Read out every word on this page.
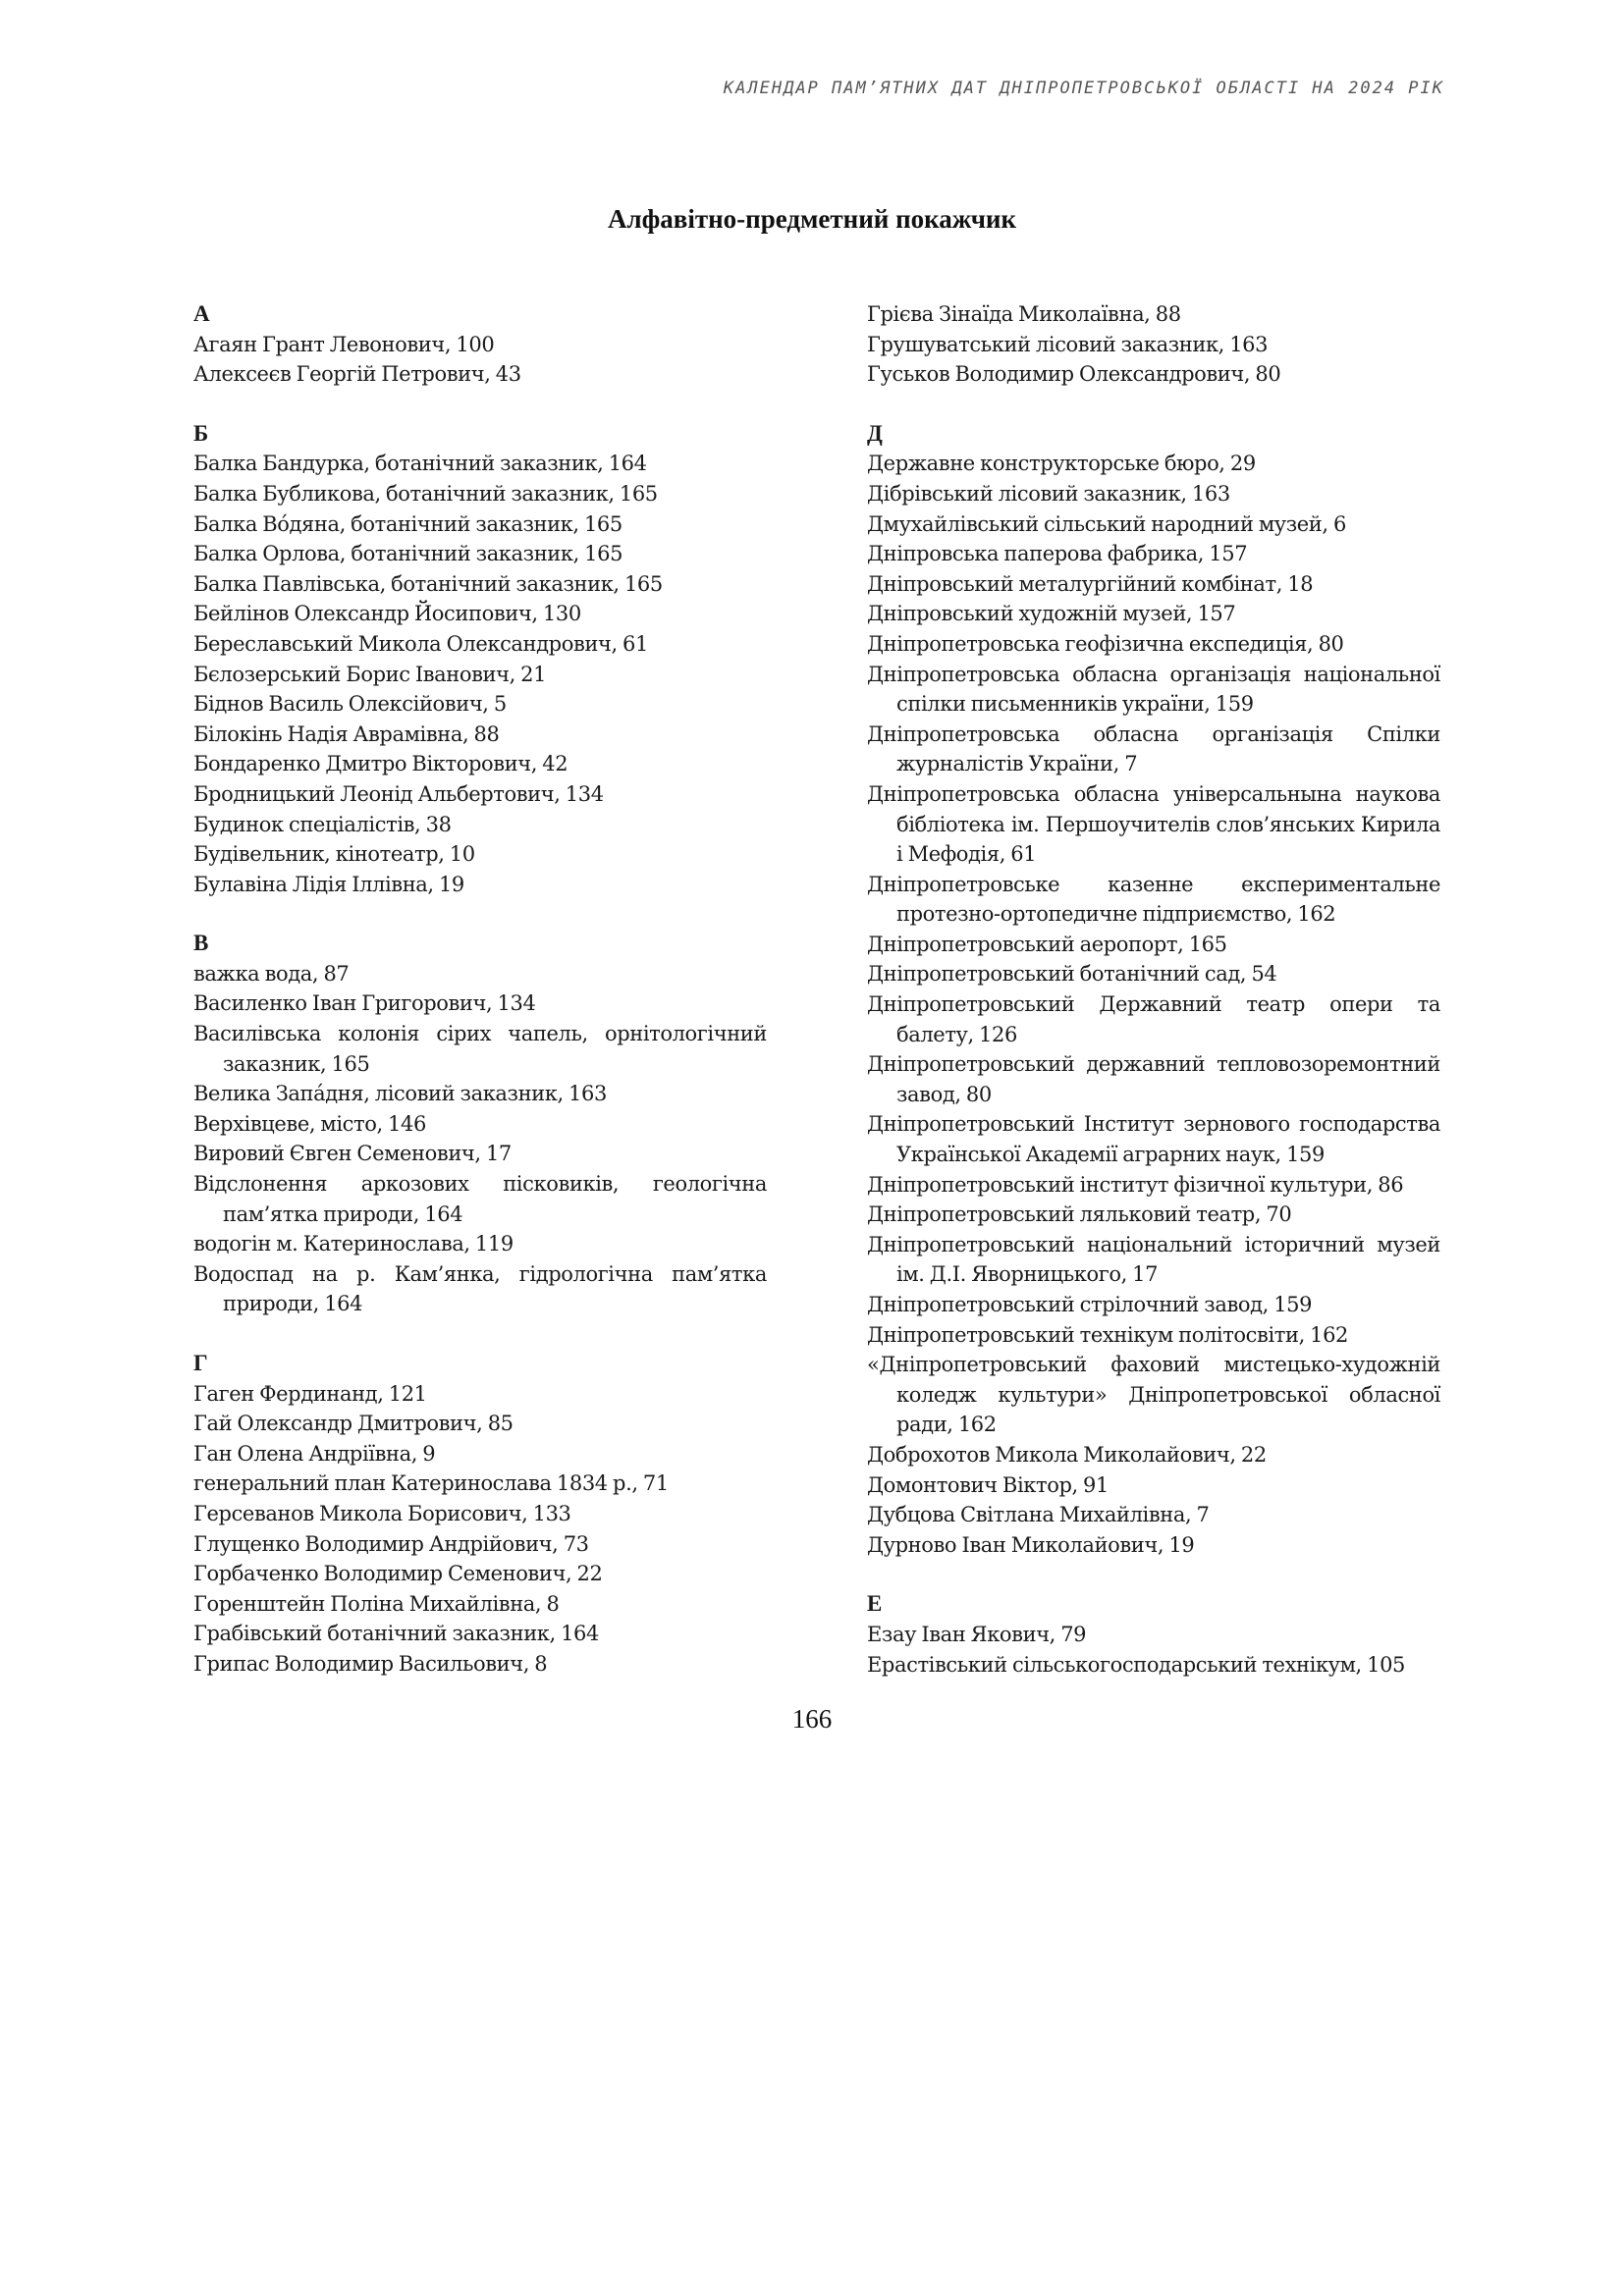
КАЛЕНДАР ПАМ’ЯТНИХ ДАТ ДНІПРОПЕТРОВСЬКОЇ ОБЛАСТІ НА 2024 РІК
Алфавітно-предметний покажчик
А
Агаян Грант Левонович, 100
Алексеєв Георгій Петрович, 43
Б
Балка Бандурка, ботанічний заказник, 164
Балка Бубликова, ботанічний заказник, 165
Балка Вóдяна, ботанічний заказник, 165
Балка Орлова, ботанічний заказник, 165
Балка Павлівська, ботанічний заказник, 165
Бейлінов Олександр Йосипович, 130
Береславський Микола Олександрович, 61
Бєлозерський Борис Іванович, 21
Біднов Василь Олексійович, 5
Білокінь Надія Аврамівна, 88
Бондаренко Дмитро Вікторович, 42
Бродницький Леонід Альбертович, 134
Будинок спеціалістів, 38
Будівельник, кінотеатр, 10
Булавіна Лідія Іллівна, 19
В
важка вода, 87
Василенко Іван Григорович, 134
Василівська колонія сірих чапель, орнітологічний заказник, 165
Велика Запáдня, лісовий заказник, 163
Верхівцеве, місто, 146
Вировий Євген Семенович, 17
Відслонення аркозових пісковиків, геологічна пам’ятка природи, 164
водогін м. Катеринослава, 119
Водоспад на р. Кам’янка, гідрологічна пам’ятка природи, 164
Г
Гаген Фердинанд, 121
Гай Олександр Дмитрович, 85
Ган Олена Андріївна, 9
генеральний план Катеринослава 1834 р., 71
Герсеванов Микола Борисович, 133
Глущенко Володимир Андрійович, 73
Горбаченко Володимир Семенович, 22
Горенштейн Поліна Михайлівна, 8
Грабівський ботанічний заказник, 164
Грипас Володимир Васильович, 8
Грієва Зінаїда Миколаївна, 88
Грушуватський лісовий заказник, 163
Гуськов Володимир Олександрович, 80
Д
Державне конструкторське бюро, 29
Дібрівський лісовий заказник, 163
Дмухайлівський сільський народний музей, 6
Дніпровська паперова фабрика, 157
Дніпровський металургійний комбінат, 18
Дніпровський художній музей, 157
Дніпропетровська геофізична експедиція, 80
Дніпропетровська обласна організація національної спілки письменників україни, 159
Дніпропетровська обласна організація Спілки журналістів України, 7
Дніпропетровська обласна універсальнына наукова бібліотека ім. Першоучителів слов’янських Кирила і Мефодія, 61
Дніпропетровське казенне експериментальне протезно-ортопедичне підприємство, 162
Дніпропетровський аеропорт, 165
Дніпропетровський ботанічний сад, 54
Дніпропетровський Державний театр опери та балету, 126
Дніпропетровський державний тепловозоремонтний завод, 80
Дніпропетровський Інститут зернового господарства Української Академії аграрних наук, 159
Дніпропетровський інститут фізичної культури, 86
Дніпропетровський ляльковий театр, 70
Дніпропетровський національний історичний музей ім. Д.І. Яворницького, 17
Дніпропетровський стрілочний завод, 159
Дніпропетровський технікум політосвіти, 162
«Дніпропетровський фаховий мистецько-художній коледж культури» Дніпропетровської обласної ради, 162
Доброхотов Микола Миколайович, 22
Домонтович Віктор, 91
Дубцова Світлана Михайлівна, 7
Дурново Іван Миколайович, 19
Е
Езау Іван Якович, 79
Ерастівський сільськогосподарський технікум, 105
166
